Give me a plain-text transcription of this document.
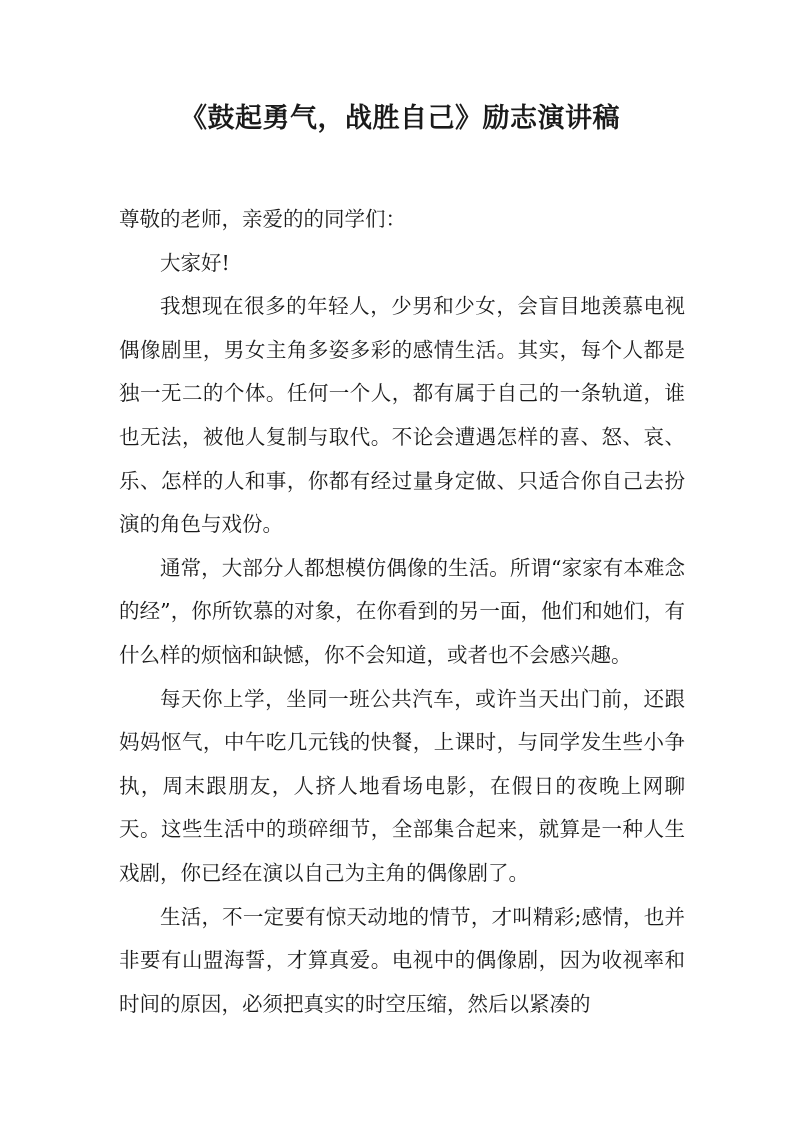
《鼓起勇气，战胜自己》励志演讲稿

尊敬的老师，亲爱的的同学们：

大家好!

我想现在很多的年轻人，少男和少女，会盲目地羡慕电视偶像剧里，男女主角多姿多彩的感情生活。其实，每个人都是独一无二的个体。任何一个人，都有属于自己的一条轨道，谁也无法，被他人复制与取代。不论会遭遇怎样的喜、怒、哀、乐、怎样的人和事，你都有经过量身定做、只适合你自己去扮演的角色与戏份。

通常，大部分人都想模仿偶像的生活。所谓“家家有本难念的经”，你所钦慕的对象，在你看到的另一面，他们和她们，有什么样的烦恼和缺憾，你不会知道，或者也不会感兴趣。

每天你上学，坐同一班公共汽车，或许当天出门前，还跟妈妈怄气，中午吃几元钱的快餐，上课时，与同学发生些小争执，周末跟朋友，人挤人地看场电影，在假日的夜晚上网聊天。这些生活中的琐碎细节，全部集合起来，就算是一种人生戏剧，你已经在演以自己为主角的偶像剧了。

生活，不一定要有惊天动地的情节，才叫精彩;感情，也并非要有山盟海誓，才算真爱。电视中的偶像剧，因为收视率和时间的原因，必须把真实的时空压缩，然后以紧凑的
